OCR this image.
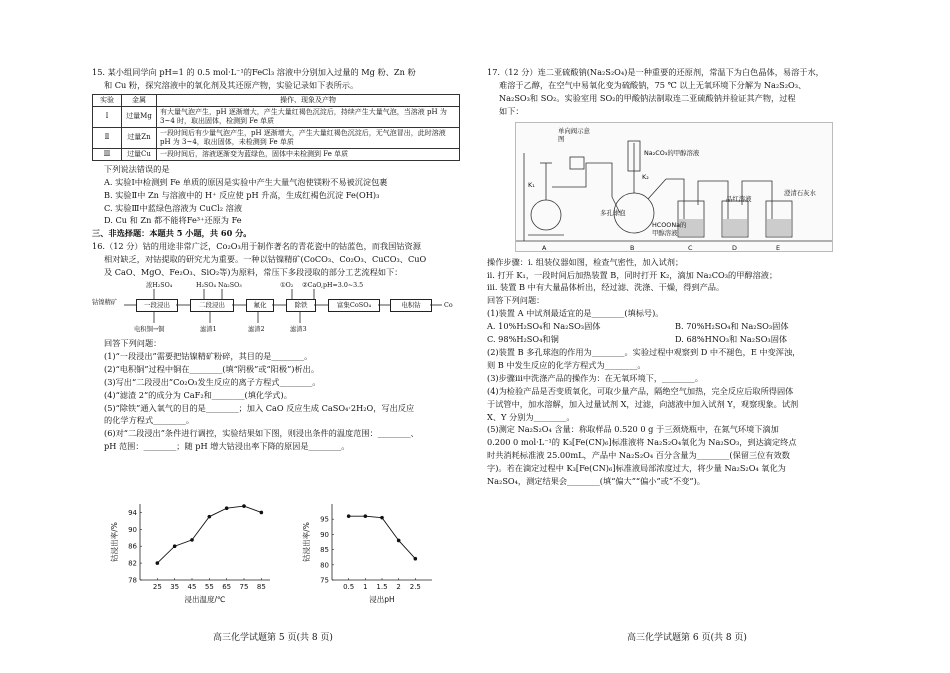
15. 某小组同学向 pH=1 的 0.5 mol·L⁻¹的FeCl₃ 溶液中分别加入过量的 Mg 粉、Zn 粉
和 Cu 粉，探究溶液中的氧化剂及其还原产物，实验记录如下表所示。
实验	金属	操作、现象及产物
Ⅰ	过量Mg	有大量气泡产生，pH 逐渐增大，产生大量红褐色沉淀后，持续产生大量气泡，当溶液 pH 为 3~4 时，取出固体，检测到 Fe 单质
Ⅱ	过量Zn	一段时间后有少量气泡产生，pH 逐渐增大，产生大量红褐色沉淀后，无气泡冒出，此时溶液 pH 为 3~4，取出固体，未检测到 Fe 单质
Ⅲ	过量Cu	一段时间后，溶液逐渐变为蓝绿色，固体中未检测到 Fe 单质
下列说法错误的是
A. 实验Ⅰ中检测到 Fe 单质的原因是实验中产生大量气泡使镁粉不易被沉淀包裹
B. 实验Ⅱ中 Zn 与溶液中的 H⁺ 反应使 pH 升高，生成红褐色沉淀 Fe(OH)₃
C. 实验Ⅲ中蓝绿色溶液为 CuCl₂ 溶液
D. Cu 和 Zn 都不能将Fe³⁺还原为 Fe
三、非选择题：本题共 5 小题，共 60 分。
16.（12 分）钴的用途非常广泛，Co₂O₃用于制作著名的青花瓷中的钴蓝色，而我国钴资源
相对缺乏，对钴提取的研究尤为重要。一种以钴镍精矿(CoCO₃、Co₂O₃、CuCO₃、CuO
及 CaO、MgO、Fe₂O₃、SiO₂等)为原料，常压下多段浸取的部分工艺流程如下：
浓H₂SO₄	H₂SO₄ Na₂SO₃	①O₂ ②CaO,pH=3.0~3.5
钴镍精矿	一段浸出	二段浸出	氟化	除铁	富集CoSO₄	电积钴	Co
电积铜→铜	滤渣1	滤渣2	滤渣3
回答下列问题：
(1)“一段浸出”需要把钴镍精矿粉碎，其目的是________。
(2)“电积铜”过程中铜在________(填“阴极”或“阳极”)析出。
(3)写出“二段浸出”Co₂O₃发生反应的离子方程式________。
(4)“滤渣 2”的成分为 CaF₂和________(填化学式)。
(5)“除铁”通入氧气的目的是________；加入 CaO 反应生成 CaSO₄·2H₂O，写出反应
的化学方程式________。
(6)对“二段浸出”条件进行调控，实验结果如下图，则浸出条件的温度范围：________、
pH 范围：________；随 pH 增大钴浸出率下降的原因是________。
25 35 45 55 65 75 85
78
82
86
90
94
浸出温度/℃
钴浸出率/%
0.5 1 1.5 2 2.5
75
80
85
90
95
浸出pH
钴浸出率/%
高三化学试题第 5 页(共 8 页)
17.（12 分）连二亚硫酸钠(Na₂S₂O₄)是一种重要的还原剂，常温下为白色晶体，易溶于水，
难溶于乙醇，在空气中易氧化变为硫酸钠，75 ℃ 以上无氧环境下分解为 Na₂S₂O₃、
Na₂SO₃和 SO₂。实验室用 SO₂的甲酸钠法制取连二亚硫酸钠并验证其产物，过程
如下：
单向阀示意图
Na₂CO₃的甲醇溶液
多孔球泡
HCOONa的甲醇溶液
品红溶液
澄清石灰水
K₁
K₂
A	B	C	D	E
操作步骤：ⅰ. 组装仪器如图，检查气密性，加入试剂；
ⅱ. 打开 K₁，一段时间后加热装置 B，同时打开 K₂，滴加 Na₂CO₃的甲醇溶液；
ⅲ. 装置 B 中有大量晶体析出，经过滤、洗涤、干燥，得到产品。
回答下列问题：
(1)装置 A 中试剂最适宜的是________(填标号)。
A. 10%H₂SO₄和 Na₂SO₃固体	B. 70%H₂SO₄和 Na₂SO₃固体
C. 98%H₂SO₄和铜	D. 68%HNO₃和 Na₂SO₃固体
(2)装置 B 多孔球泡的作用为________。实验过程中观察到 D 中不褪色，E 中变浑浊，
则 B 中发生反应的化学方程式为________。
(3)步骤ⅲ中洗涤产品的操作为：在无氧环境下，________。
(4)为检验产品是否变质氧化，可取少量产品，隔绝空气加热，完全反应后取所得固体
于试管中，加水溶解，加入过量试剂 X，过滤，向滤液中加入试剂 Y，观察现象。试剂
X、Y 分别为________。
(5)测定 Na₂S₂O₄ 含量：称取样品 0.520 0 g 于三颈烧瓶中，在氮气环境下滴加
0.200 0 mol·L⁻¹的 K₃[Fe(CN)₆]标准液将 Na₂S₂O₄氧化为 Na₂SO₃，到达滴定终点
时共消耗标准液 25.00mL，产品中 Na₂S₂O₄ 百分含量为________(保留三位有效数
字)。若在滴定过程中 K₃[Fe(CN)₆]标准液局部浓度过大，将少量 Na₂S₂O₄ 氧化为
Na₂SO₄，测定结果会________(填“偏大”“偏小”或“不变”)。
高三化学试题第 6 页(共 8 页)
